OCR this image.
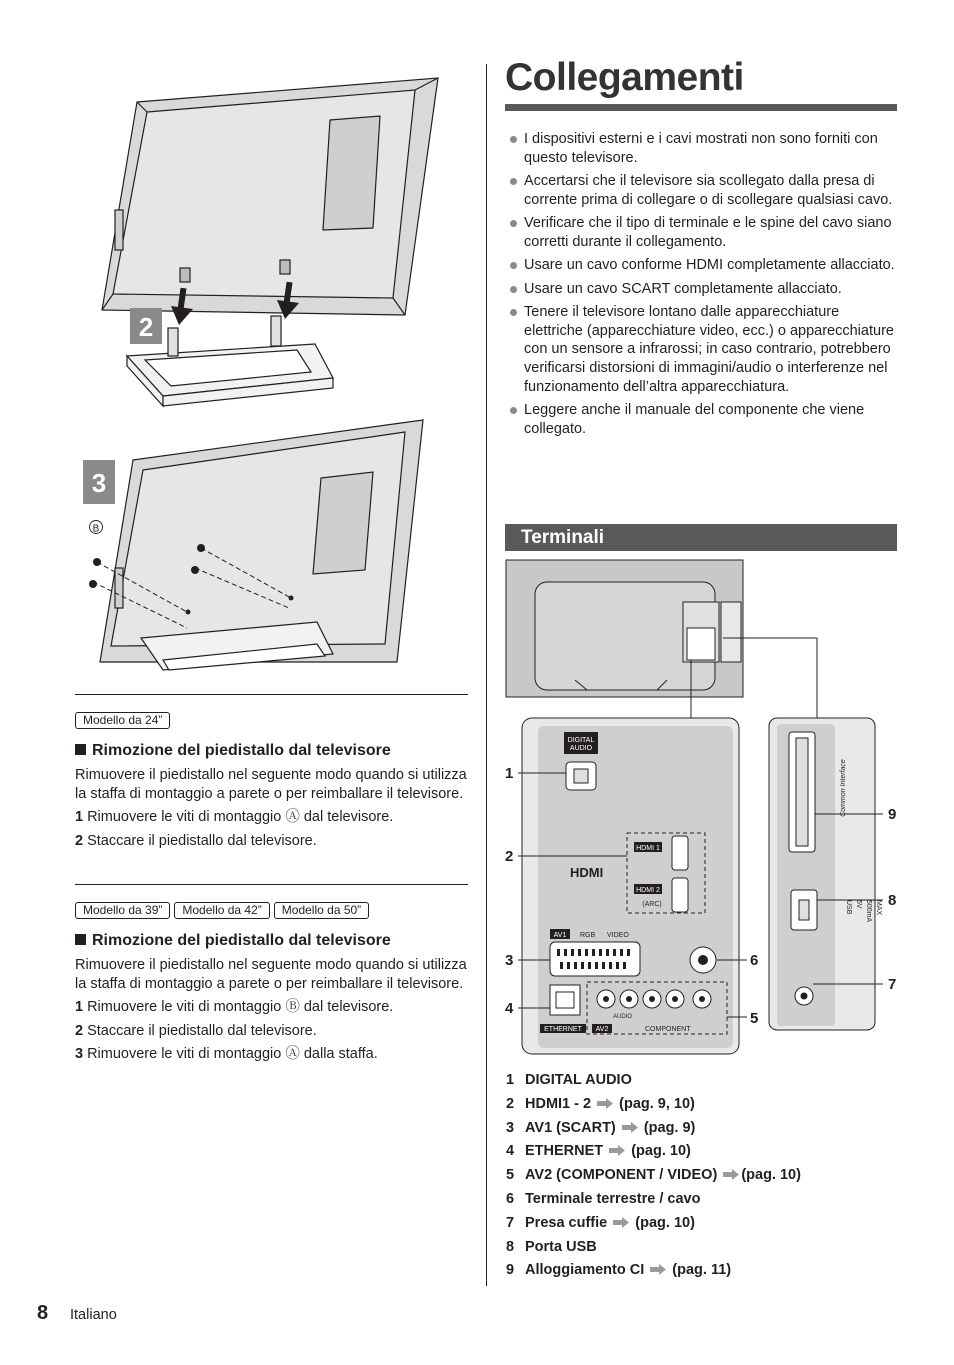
2
B
3
Modello da 24”
Rimozione del piedistallo dal televisore
Rimuovere il piedistallo nel seguente modo quando si utilizza la staffa di montaggio a parete o per reimballare il televisore.
1 Rimuovere le viti di montaggio Ⓐ dal televisore.
2 Staccare il piedistallo dal televisore.
Modello da 39” Modello da 42” Modello da 50”
Rimozione del piedistallo dal televisore
Rimuovere il piedistallo nel seguente modo quando si utilizza la staffa di montaggio a parete o per reimballare il televisore.
1 Rimuovere le viti di montaggio Ⓑ dal televisore.
2 Staccare il piedistallo dal televisore.
3 Rimuovere le viti di montaggio Ⓐ dalla staffa.
Collegamenti
I dispositivi esterni e i cavi mostrati non sono forniti con questo televisore.
Accertarsi che il televisore sia scollegato dalla presa di corrente prima di collegare o di scollegare qualsiasi cavo.
Verificare che il tipo di terminale e le spine del cavo siano corretti durante il collegamento.
Usare un cavo conforme HDMI completamente allacciato.
Usare un cavo SCART completamente allacciato.
Tenere il televisore lontano dalle apparecchiature elettriche (apparecchiature video, ecc.) o apparecchiature con un sensore a infrarossi; in caso contrario, potrebbero verificarsi distorsioni di immagini/audio o interferenze nel funzionamento dell’altra apparecchiatura.
Leggere anche il manuale del componente che viene collegato.
Terminali
DIGITAL
AUDIO
HDMI 1
HDMI 2
(ARC)
HDMI
AV1 RGB VIDEO
ETHERNET
AUDIO
COMPONENT
AV2
Common Interface
USB 5V 500mA MAX
1
2
3
4
5
6
7
8
9
1 DIGITAL AUDIO
2 HDMI1 - 2 (pag. 9, 10)
3 AV1 (SCART) (pag. 9)
4 ETHERNET (pag. 10)
5 AV2 (COMPONENT / VIDEO) (pag. 10)
6 Terminale terrestre / cavo
7 Presa cuffie (pag. 10)
8 Porta USB
9 Alloggiamento CI (pag. 11)
8 Italiano
